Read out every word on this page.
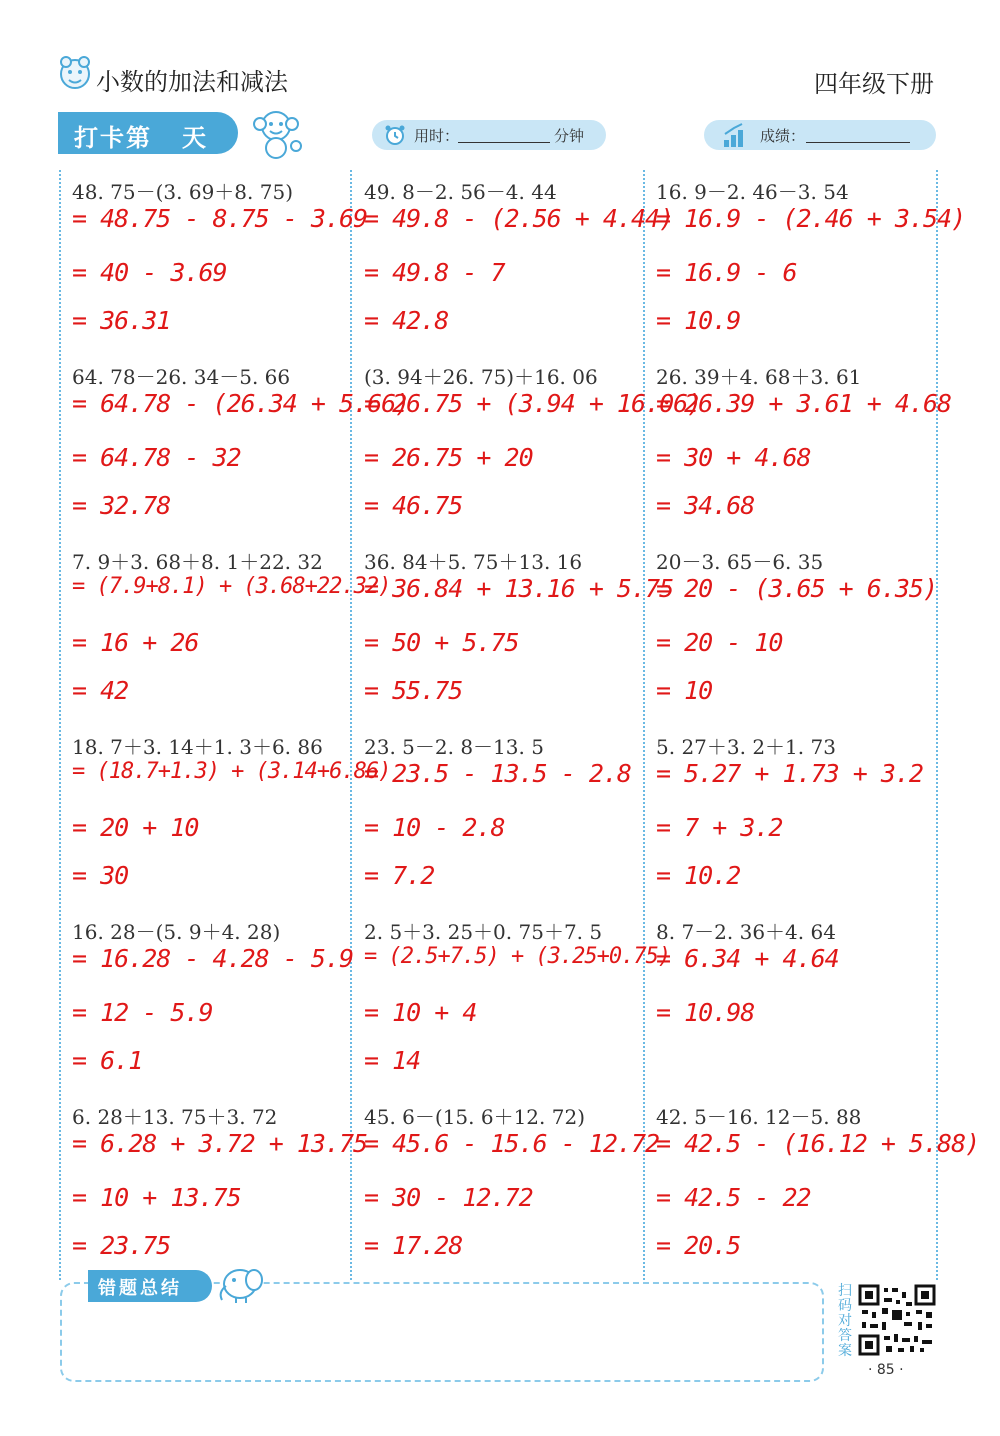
小数的加法和减法	四年级下册
打卡第 天	用时：	分钟	成绩：
48. 75－(3. 69＋8. 75)
= 48.75 - 8.75 - 3.69
= 40 - 3.69
= 36.31
49. 8－2. 56－4. 44
= 49.8 - (2.56 + 4.44)
= 49.8 - 7
= 42.8
16. 9－2. 46－3. 54
= 16.9 - (2.46 + 3.54)
= 16.9 - 6
= 10.9
64. 78－26. 34－5. 66
= 64.78 - (26.34 + 5.66)
= 64.78 - 32
= 32.78
(3. 94＋26. 75)＋16. 06
= 26.75 + (3.94 + 16.06)
= 26.75 + 20
= 46.75
26. 39＋4. 68＋3. 61
= 26.39 + 3.61 + 4.68
= 30 + 4.68
= 34.68
7. 9＋3. 68＋8. 1＋22. 32
= (7.9+8.1) + (3.68+22.32)
= 16 + 26
= 42
36. 84＋5. 75＋13. 16
= 36.84 + 13.16 + 5.75
= 50 + 5.75
= 55.75
20－3. 65－6. 35
= 20 - (3.65 + 6.35)
= 20 - 10
= 10
18. 7＋3. 14＋1. 3＋6. 86
= (18.7+1.3) + (3.14+6.86)
= 20 + 10
= 30
23. 5－2. 8－13. 5
= 23.5 - 13.5 - 2.8
= 10 - 2.8
= 7.2
5. 27＋3. 2＋1. 73
= 5.27 + 1.73 + 3.2
= 7 + 3.2
= 10.2
16. 28－(5. 9＋4. 28)
= 16.28 - 4.28 - 5.9
= 12 - 5.9
= 6.1
2. 5＋3. 25＋0. 75＋7. 5
= (2.5+7.5) + (3.25+0.75)
= 10 + 4
= 14
8. 7－2. 36＋4. 64
= 6.34 + 4.64
= 10.98
6. 28＋13. 75＋3. 72
= 6.28 + 3.72 + 13.75
= 10 + 13.75
= 23.75
45. 6－(15. 6＋12. 72)
= 45.6 - 15.6 - 12.72
= 30 - 12.72
= 17.28
42. 5－16. 12－5. 88
= 42.5 - (16.12 + 5.88)
= 42.5 - 22
= 20.5
错题总结	扫码对答案
· 85 ·
